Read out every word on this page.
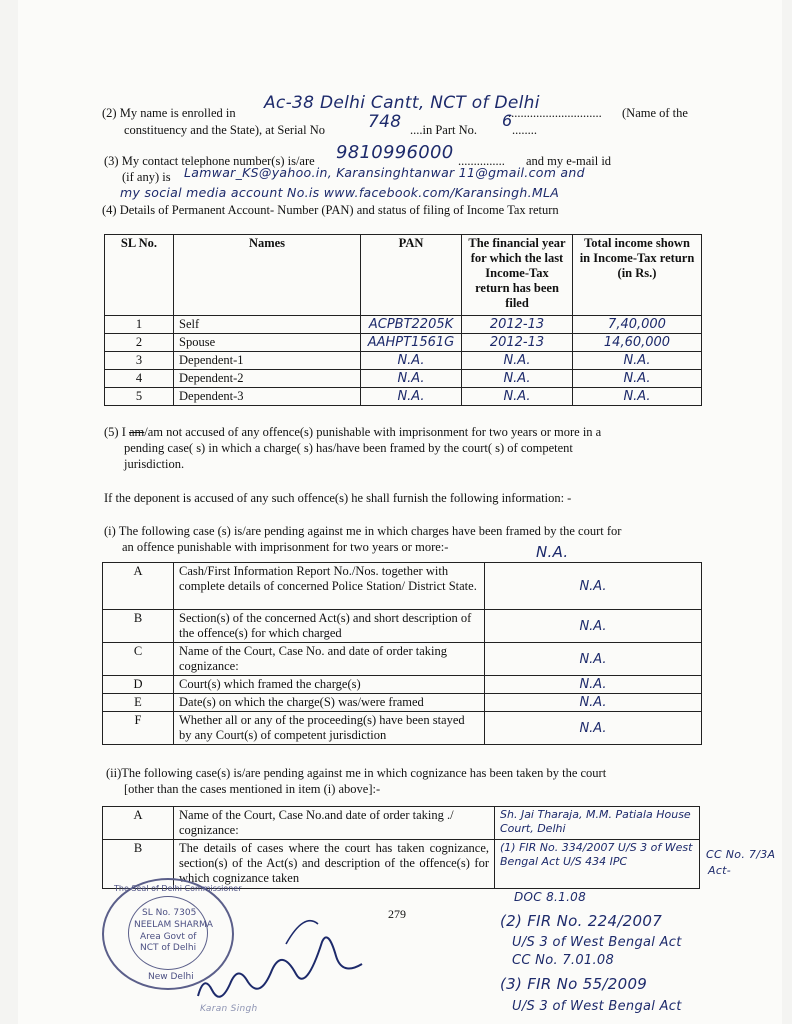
(2) My name is enrolled in Ac-38 Delhi Cantt, NCT of Delhi
.............................. (Name of the
constituency and the State), at Serial No	748 ....in Part No. 6 ........
(3) My contact telephone number(s) is/are 9810996000 ............... and my e-mail id
(if any) is Lamwar_KS@yahoo.in, Karansinghtanwar 11@gmail.com and
my social media account No.is www.facebook.com/Karansingh.MLA
(4) Details of Permanent Account- Number (PAN) and status of filing of Income Tax return
SL No.	Names	PAN	The financial year for which the last Income-Tax return has been filed	Total income shown in Income-Tax return (in Rs.)
1	Self	ACPBT2205K	2012-13	7,40,000
2	Spouse	AAHPT1561G	2012-13	14,60,000
3	Dependent-1	N.A.	N.A.	N.A.
4	Dependent-2	N.A.	N.A.	N.A.
5	Dependent-3	N.A.	N.A.	N.A.
(5) I am/am not accused of any offence(s) punishable with imprisonment for two years or more in a
pending case( s) in which a charge( s) has/have been framed by the court( s) of competent
jurisdiction.
If the deponent is accused of any such offence(s) he shall furnish the following information: -
(i) The following case (s) is/are pending against me in which charges have been framed by the court for
an offence punishable with imprisonment for two years or more:-	N.A.
A	Cash/First Information Report No./Nos. together with complete details of concerned Police Station/ District State.	N.A.
B	Section(s) of the concerned Act(s) and short description of the offence(s) for which charged	N.A.
C	Name of the Court, Case No. and date of order taking cognizance:	N.A.
D	Court(s) which framed the charge(s)	N.A.
E	Date(s) on which the charge(S) was/were framed	N.A.
F	Whether all or any of the proceeding(s) have been stayed by any Court(s) of competent jurisdiction	N.A.
(ii)The following case(s) is/are pending against me in which cognizance has been taken by the court
[other than the cases mentioned in item (i) above]:-
A	Name of the Court, Case No.and date of order taking ./ cognizance:	Sh. Jai Tharaja, M.M. Patiala House Court, Delhi
B	The details of cases where the court has taken cognizance, section(s) of the Act(s) and description of the offence(s) for which cognizance taken	(1) FIR No. 334/2007 U/S 3 of West Bengal Act U/S 434 IPC
CC No. 7/3A
Act-
DOC 8.1.08
(2) FIR No. 224/2007
U/S 3 of West Bengal Act
CC No. 7.01.08
(3) FIR No 55/2009
U/S 3 of West Bengal Act
279
The Seal of Delhi Commissioner
SL No. 7305
NEELAM SHARMA
Area Govt of
NCT of Delhi
New Delhi
Karan Singh
